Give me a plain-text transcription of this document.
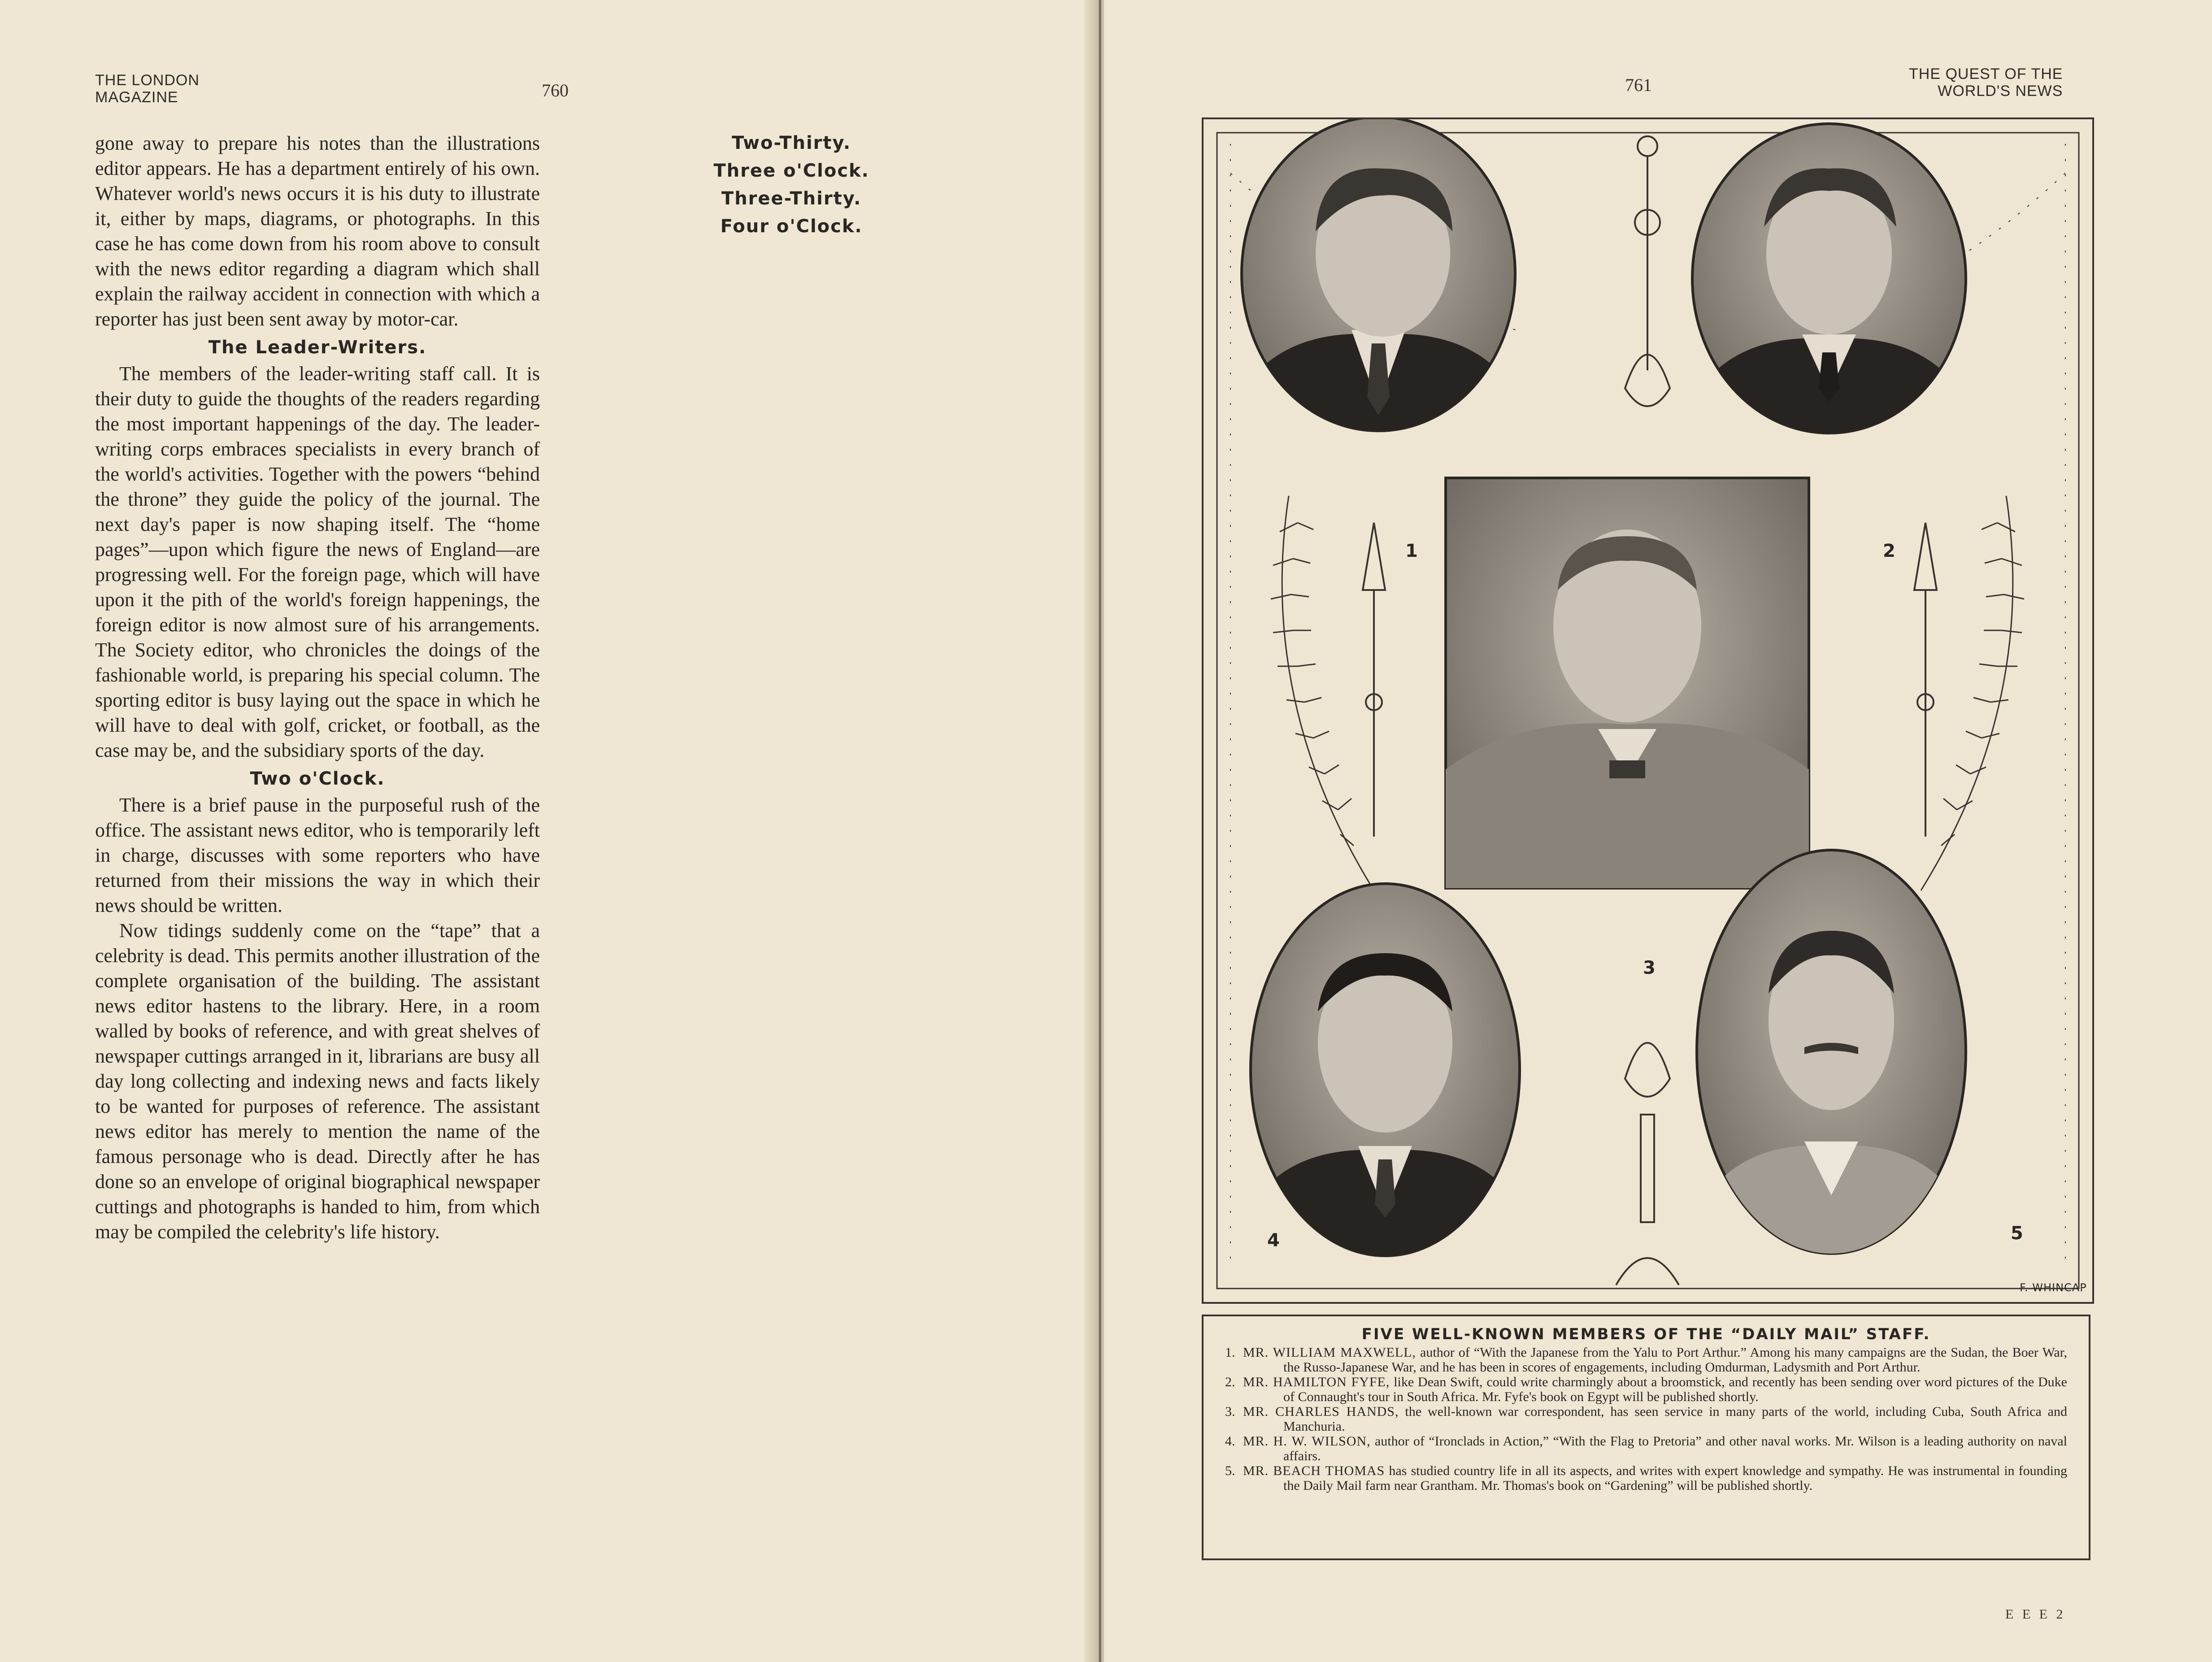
THE LONDON
MAGAZINE	760

gone away to prepare his notes than the illustrations editor appears. He has a department entirely of his own. Whatever world's news occurs it is his duty to illustrate it, either by maps, diagrams, or photographs. In this case he has come down from his room above to consult with the news editor regarding a diagram which shall explain the railway accident in connection with which a reporter has just been sent away by motor-car.

The Leader-Writers.

The members of the leader-writing staff call. It is their duty to guide the thoughts of the readers regarding the most important happenings of the day. The leader-writing corps embraces specialists in every branch of the world's activities. Together with the powers “behind the throne” they guide the policy of the journal. The next day's paper is now shaping itself. The “home pages”—upon which figure the news of England—are progressing well. For the foreign page, which will have upon it the pith of the world's foreign happenings, the foreign editor is now almost sure of his arrangements. The Society editor, who chronicles the doings of the fashionable world, is preparing his special column. The sporting editor is busy laying out the space in which he will have to deal with golf, cricket, or football, as the case may be, and the subsidiary sports of the day.

Two o'Clock.

There is a brief pause in the purposeful rush of the office. The assistant news editor, who is temporarily left in charge, discusses with some reporters who have returned from their missions the way in which their news should be written.

Now tidings suddenly come on the “tape” that a celebrity is dead. This permits another illustration of the complete organisation of the building. The assistant news editor hastens to the library. Here, in a room walled by books of reference, and with great shelves of newspaper cuttings arranged in it, librarians are busy all day long collecting and indexing news and facts likely to be wanted for purposes of reference. The assistant news editor has merely to mention the name of the famous personage who is dead. Directly after he has done so an envelope of original biographical newspaper cuttings and photographs is handed to him, from which may be compiled the celebrity's life history.

Two-Thirty.
Three o'Clock.
Three-Thirty.
Four o'Clock.
761
THE QUEST OF THE
WORLD'S NEWS
E E E 2
1	2
3
4	5
F. WHINCAP
FIVE WELL-KNOWN MEMBERS OF THE “DAILY MAIL” STAFF.
1. MR. WILLIAM MAXWELL, author of “With the Japanese from the Yalu to Port Arthur.” Among his many campaigns are the Sudan, the Boer War, the Russo-Japanese War, and he has been in scores of engagements, including Omdurman, Ladysmith and Port Arthur.
2. MR. HAMILTON FYFE, like Dean Swift, could write charmingly about a broomstick, and recently has been sending over word pictures of the Duke of Connaught's tour in South Africa. Mr. Fyfe's book on Egypt will be published shortly.
3. MR. CHARLES HANDS, the well-known war correspondent, has seen service in many parts of the world, including Cuba, South Africa and Manchuria.
4. MR. H. W. WILSON, author of “Ironclads in Action,” “With the Flag to Pretoria” and other naval works. Mr. Wilson is a leading authority on naval affairs.
5. MR. BEACH THOMAS has studied country life in all its aspects, and writes with expert knowledge and sympathy. He was instrumental in founding the Daily Mail farm near Grantham. Mr. Thomas's book on “Gardening” will be published shortly.
